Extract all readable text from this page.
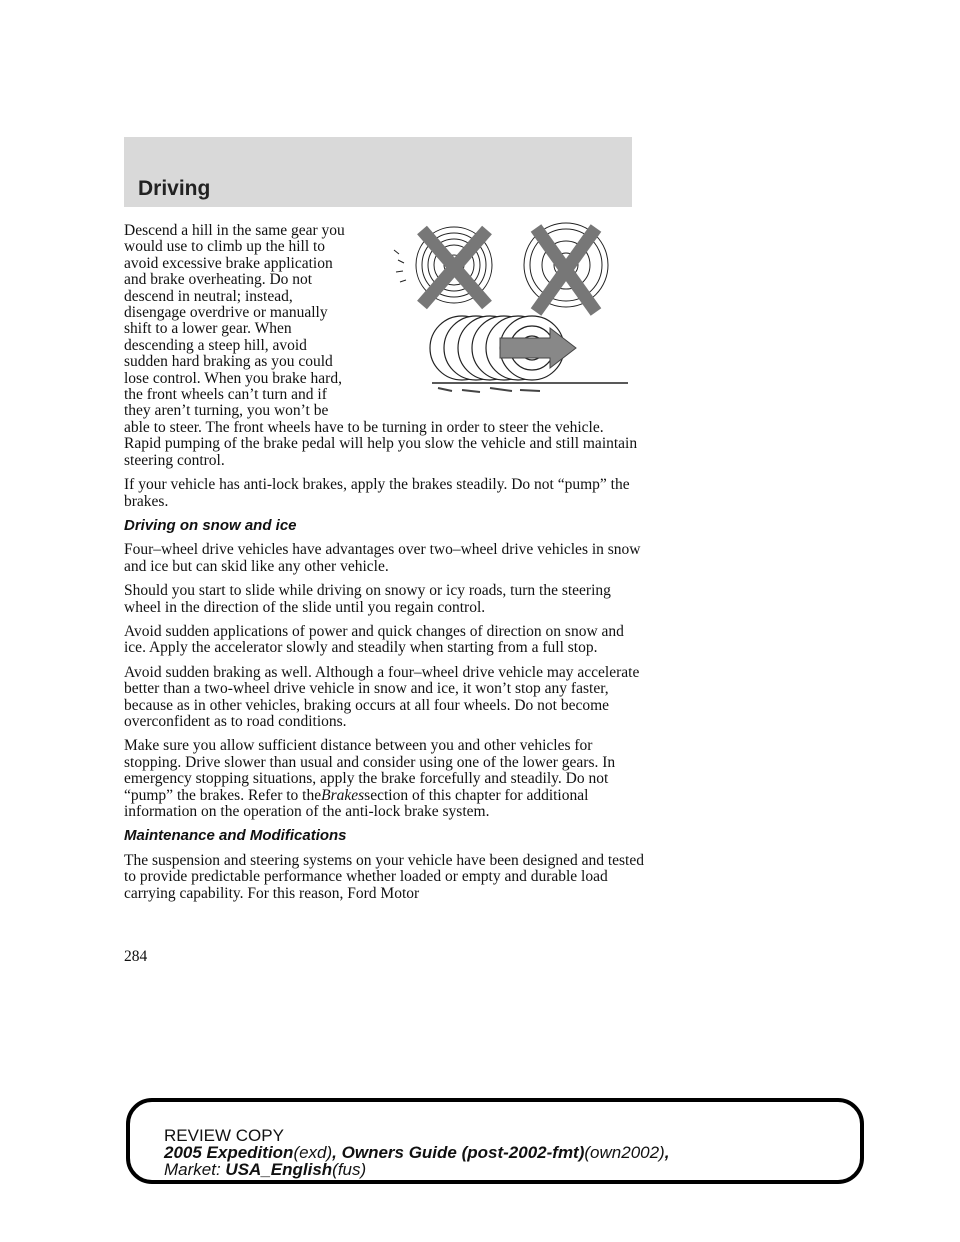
Driving
Descend a hill in the same gear you
would use to climb up the hill to
avoid excessive brake application
and brake overheating. Do not
descend in neutral; instead,
disengage overdrive or manually
shift to a lower gear. When
descending a steep hill, avoid
sudden hard braking as you could
lose control. When you brake hard,
the front wheels can’t turn and if
they aren’t turning, you won’t be

able to steer. The front wheels have to be turning in order to steer the vehicle. Rapid pumping of the brake pedal will help you slow the vehicle and still maintain steering control.

If your vehicle has anti-lock brakes, apply the brakes steadily. Do not “pump” the brakes.

Driving on snow and ice

Four–wheel drive vehicles have advantages over two–wheel drive vehicles in snow and ice but can skid like any other vehicle.

Should you start to slide while driving on snowy or icy roads, turn the steering wheel in the direction of the slide until you regain control.

Avoid sudden applications of power and quick changes of direction on snow and ice. Apply the accelerator slowly and steadily when starting from a full stop.

Avoid sudden braking as well. Although a four–wheel drive vehicle may accelerate better than a two-wheel drive vehicle in snow and ice, it won’t stop any faster, because as in other vehicles, braking occurs at all four wheels. Do not become overconfident as to road conditions.

Make sure you allow sufficient distance between you and other vehicles for stopping. Drive slower than usual and consider using one of the lower gears. In emergency stopping situations, apply the brake forcefully and steadily. Do not “pump” the brakes. Refer to theBrakessection of this chapter for additional information on the operation of the anti-lock brake system.

Maintenance and Modifications

The suspension and steering systems on your vehicle have been designed and tested to provide predictable performance whether loaded or empty and durable load carrying capability. For this reason, Ford Motor

284
REVIEW COPY
2005 Expedition(exd), Owners Guide (post-2002-fmt)(own2002),
Market: USA_English(fus)
